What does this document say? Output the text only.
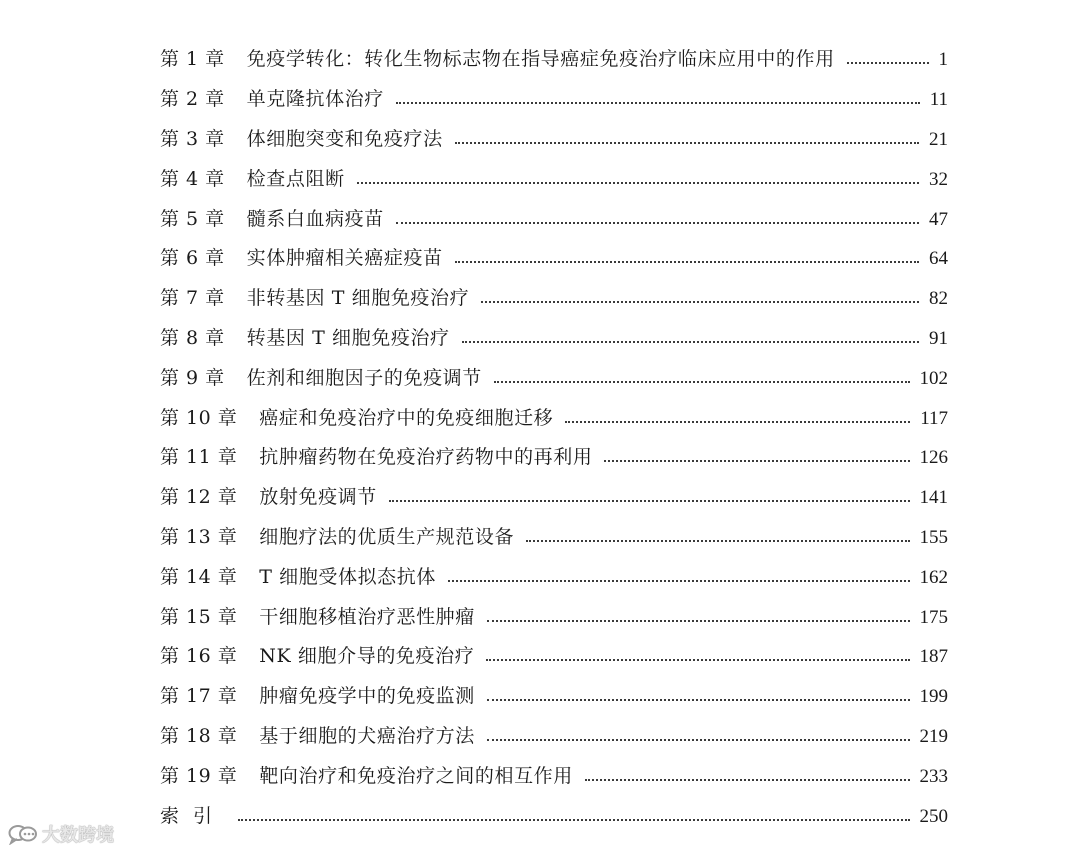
第 1 章 免疫学转化：转化生物标志物在指导癌症免疫治疗临床应用中的作用	1
第 2 章 单克隆抗体治疗	11
第 3 章 体细胞突变和免疫疗法	21
第 4 章 检查点阻断	32
第 5 章 髓系白血病疫苗	47
第 6 章 实体肿瘤相关癌症疫苗	64
第 7 章 非转基因 T 细胞免疫治疗	82
第 8 章 转基因 T 细胞免疫治疗	91
第 9 章 佐剂和细胞因子的免疫调节	102
第 10 章 癌症和免疫治疗中的免疫细胞迁移	117
第 11 章 抗肿瘤药物在免疫治疗药物中的再利用	126
第 12 章 放射免疫调节	141
第 13 章 细胞疗法的优质生产规范设备	155
第 14 章 T 细胞受体拟态抗体	162
第 15 章 干细胞移植治疗恶性肿瘤	175
第 16 章 NK 细胞介导的免疫治疗	187
第 17 章 肿瘤免疫学中的免疫监测	199
第 18 章 基于细胞的犬癌治疗方法	219
第 19 章 靶向治疗和免疫治疗之间的相互作用	233
索引	250
大数跨境
